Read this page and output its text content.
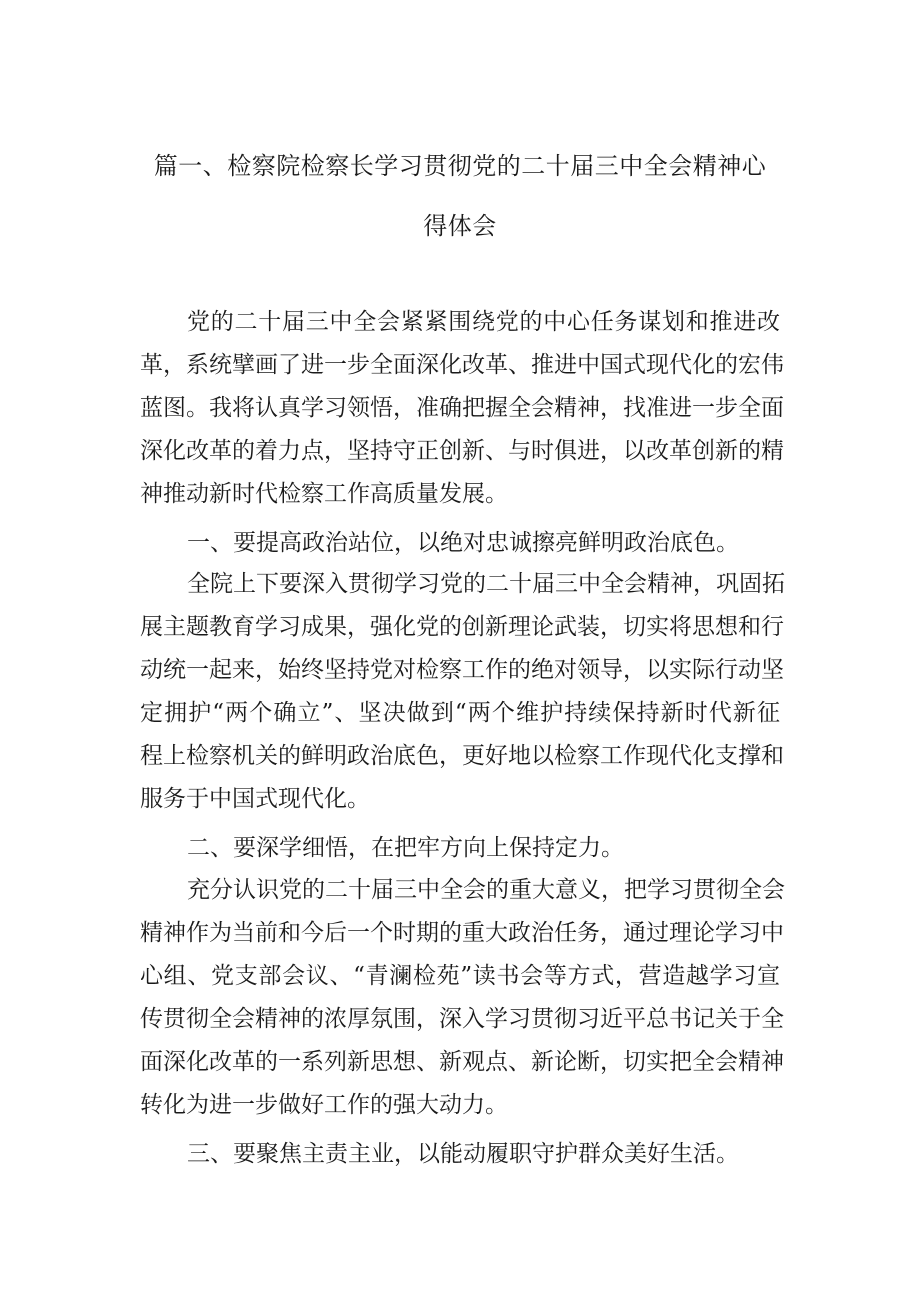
篇一、检察院检察长学习贯彻党的二十届三中全会精神心
得体会
党的二十届三中全会紧紧围绕党的中心任务谋划和推进改
革，系统擘画了进一步全面深化改革、推进中国式现代化的宏伟
蓝图。我将认真学习领悟，准确把握全会精神，找准进一步全面
深化改革的着力点，坚持守正创新、与时俱进，以改革创新的精
神推动新时代检察工作高质量发展。
一、要提高政治站位，以绝对忠诚擦亮鲜明政治底色。
全院上下要深入贯彻学习党的二十届三中全会精神，巩固拓
展主题教育学习成果，强化党的创新理论武装，切实将思想和行
动统一起来，始终坚持党对检察工作的绝对领导，以实际行动坚
定拥护“两个确立”、坚决做到“两个维护持续保持新时代新征
程上检察机关的鲜明政治底色，更好地以检察工作现代化支撑和
服务于中国式现代化。
二、要深学细悟，在把牢方向上保持定力。
充分认识党的二十届三中全会的重大意义，把学习贯彻全会
精神作为当前和今后一个时期的重大政治任务，通过理论学习中
心组、党支部会议、“青澜检苑”读书会等方式，营造越学习宣
传贯彻全会精神的浓厚氛围，深入学习贯彻习近平总书记关于全
面深化改革的一系列新思想、新观点、新论断，切实把全会精神
转化为进一步做好工作的强大动力。
三、要聚焦主责主业，以能动履职守护群众美好生活。
